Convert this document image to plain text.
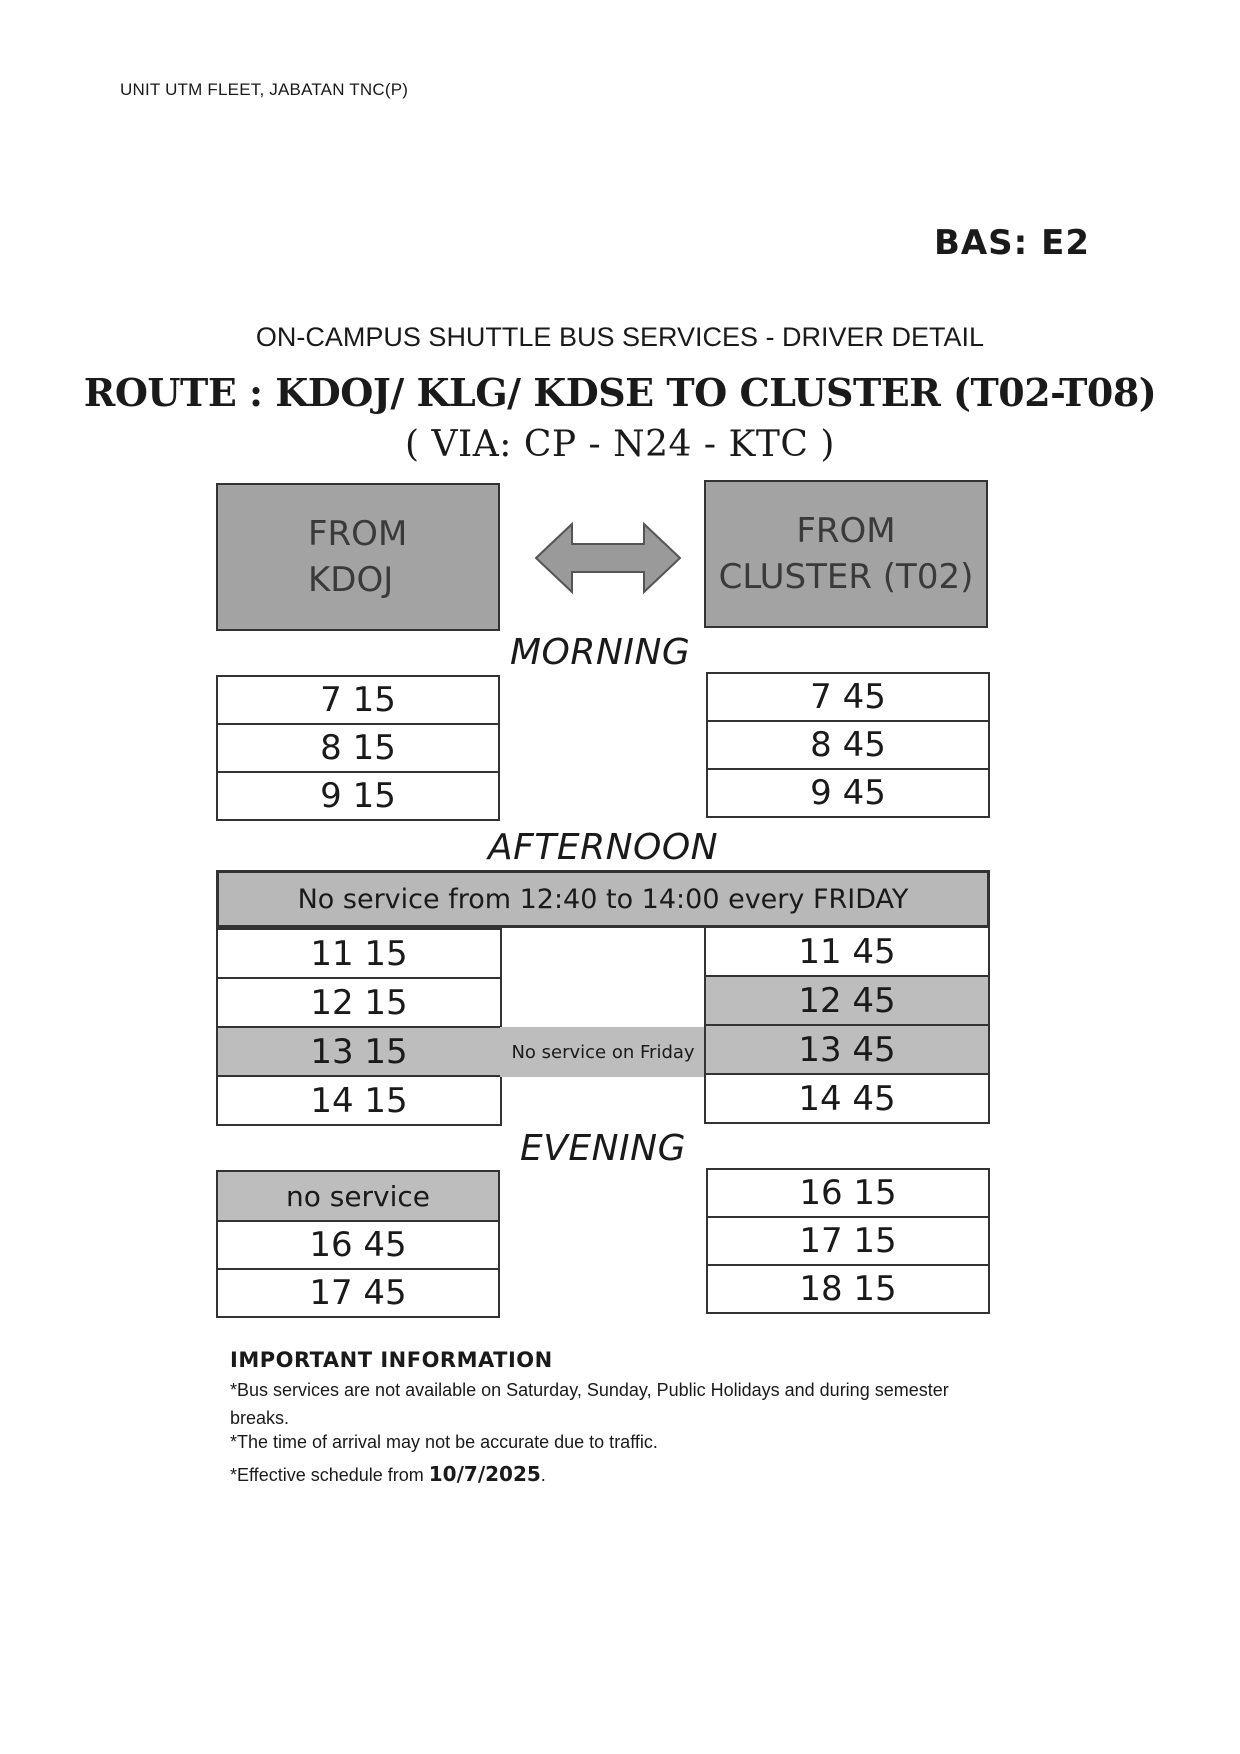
UNIT UTM FLEET, JABATAN TNC(P)
BAS: E2
ON-CAMPUS SHUTTLE BUS SERVICES - DRIVER DETAIL
ROUTE : KDOJ/ KLG/ KDSE TO CLUSTER (T02-T08)
( VIA: CP - N24 - KTC )
FROM
KDOJ
FROM
CLUSTER (T02)
MORNING
7 15
8 15
9 15
7 45
8 45
9 45
AFTERNOON
No service from 12:40 to 14:00 every FRIDAY
11 15
12 15
13 15
14 15
No service on Friday
11 45
12 45
13 45
14 45
EVENING
no service
16 45
17 45
16 15
17 15
18 15
IMPORTANT INFORMATION
*Bus services are not available on Saturday, Sunday, Public Holidays and during semester breaks.
*The time of arrival may not be accurate due to traffic.
*Effective schedule from 10/7/2025.
